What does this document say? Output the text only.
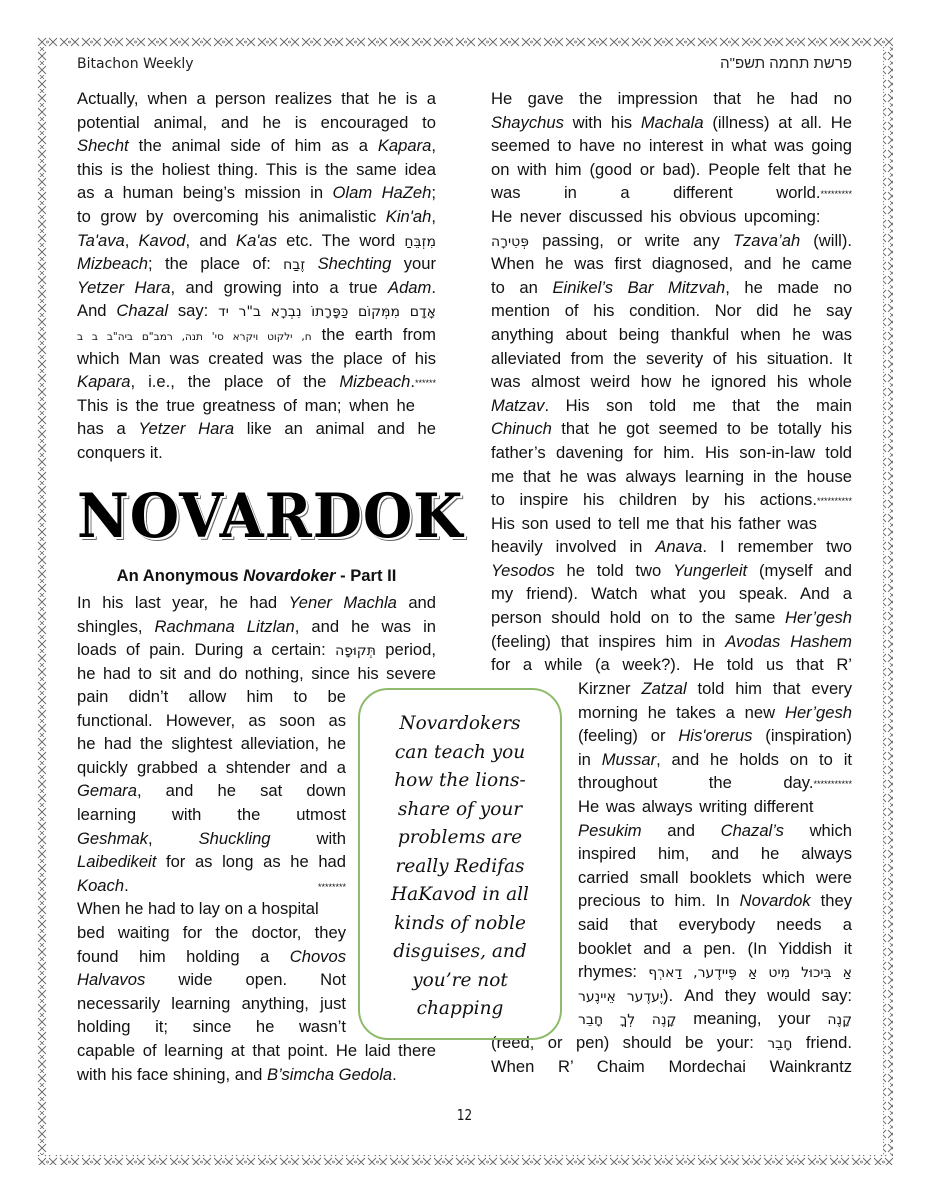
Bitachon Weekly	פרשת תחמה תשפ"ה
Actually, when a person realizes that he is a
potential animal, and he is encouraged to
Shecht the animal side of him as a Kapara,
this is the holiest thing. This is the same idea
as a human being’s mission in Olam HaZeh;
to grow by overcoming his animalistic Kin'ah,
Ta'ava, Kavod, and Ka'as etc. The word מִזְבֵּחַ
Mizbeach; the place of: זֶבַח Shechting your
Yetzer Hara, and growing into a true Adam.
And Chazal say: אָדָם מִמְּקוֹם כַּפָּרָתוֹ נִבְרָא ב"ר יד
ח, ילקוט ויקרא סי' תנה, רמב"ם ביה"ב ב ב the earth from
which Man was created was the place of his
Kapara, i.e., the place of the Mizbeach. ******
This is the true greatness of man; when he
has a Yetzer Hara like an animal and he
conquers it.
NOVARDOK
An Anonymous Novardoker - Part II
In his last year, he had Yener Machla and
shingles, Rachmana Litzlan, and he was in
loads of pain. During a certain: תְּקוּפָה period,
he had to sit and do nothing, since his severe
pain didn’t allow him to be
functional. However, as soon as
he had the slightest alleviation, he
quickly grabbed a shtender and a
Gemara, and he sat down
learning with the utmost
Geshmak, Shuckling with
Laibedikeit for as long as he had
Koach.	********
When he had to lay on a hospital
bed waiting for the doctor, they
found him holding a Chovos
Halvavos wide open. Not
necessarily learning anything, just
holding it; since he wasn’t
capable of learning at that point. He laid there
with his face shining, and B’simcha Gedola.
He gave the impression that he had no
Shaychus with his Machala (illness) at all. He
seemed to have no interest in what was going
on with him (good or bad). People felt that he
was in a different world. *********
He never discussed his obvious upcoming:
פְּטִירָה passing, or write any Tzava’ah (will).
When he was first diagnosed, and he came
to an Einikel’s Bar Mitzvah, he made no
mention of his condition. Nor did he say
anything about being thankful when he was
alleviated from the severity of his situation. It
was almost weird how he ignored his whole
Matzav. His son told me that the main
Chinuch that he got seemed to be totally his
father’s davening for him. His son-in-law told
me that he was always learning in the house
to inspire his children by his actions. **********
His son used to tell me that his father was
heavily involved in Anava. I remember two
Yesodos he told two Yungerleit (myself and
my friend). Watch what you speak. And a
person should hold on to the same Her’gesh
(feeling) that inspires him in Avodas Hashem
for a while (a week?). He told us that R’
Kirzner Zatzal told him that every
morning he takes a new Her’gesh
(feeling) or His'orerus (inspiration)
in Mussar, and he holds on to it
throughout the day. ***********
He was always writing different
Pesukim and Chazal’s which
inspired him, and he always
carried small booklets which were
precious to him. In Novardok they
said that everybody needs a
booklet and a pen. (In Yiddish it
rhymes: אַ בִּיכוּל מִיט אַ פֶּיידֶער, דַארְף
יֶעדֶער אֵיינֶער). And they would say:
קָנֶה לְךָ חָבֵר meaning, your קָנֶה
(reed, or pen) should be your: חָבֵר friend.
When R’ Chaim Mordechai Wainkrantz
Novardokers
can teach you
how the lions-
share of your
problems are
really Redifas
HaKavod in all
kinds of noble
disguises, and
you’re not
chapping
12
